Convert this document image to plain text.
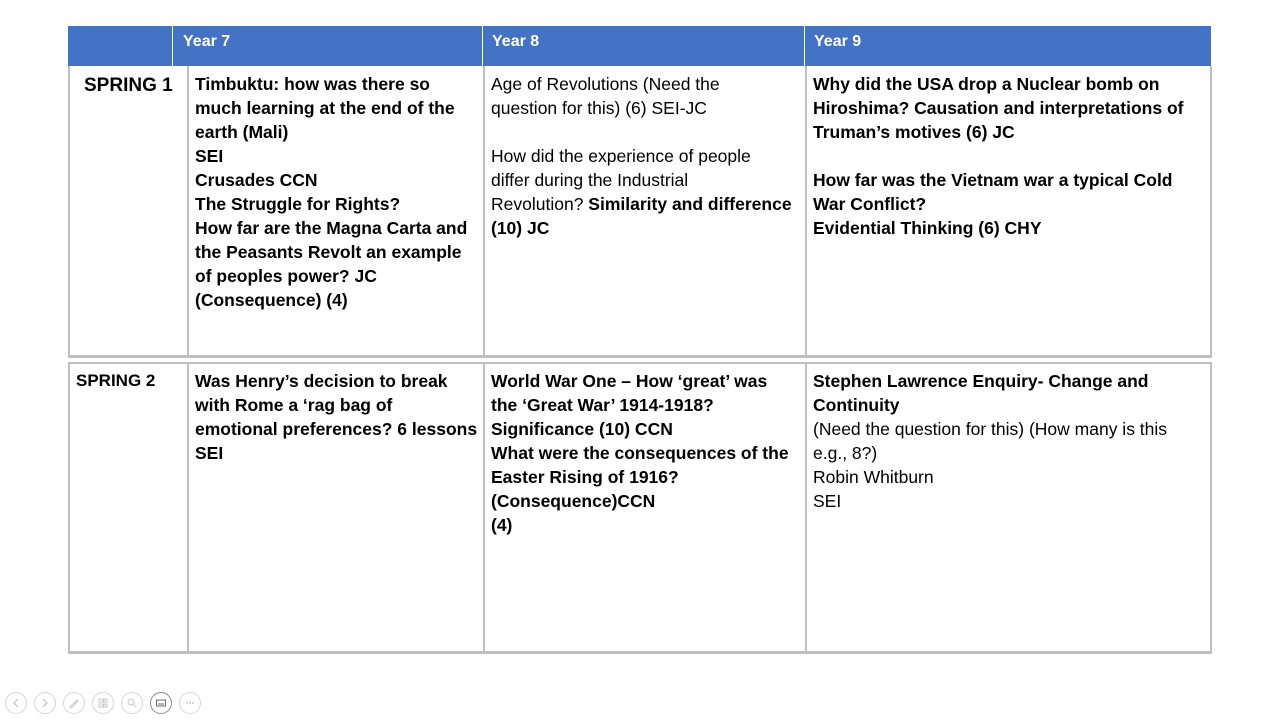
Year 7	Year 8	Year 9
SPRING 1 Timbuktu: how was there so
much learning at the end of the
earth (Mali)
SEI
Crusades CCN
The Struggle for Rights?
How far are the Magna Carta and
the Peasants Revolt an example
of peoples power? JC
(Consequence) (4)
Age of Revolutions (Need the
question for this) (6) SEI-JC
How did the experience of people
differ during the Industrial
Revolution? Similarity and difference
(10) JC
Why did the USA drop a Nuclear bomb on
Hiroshima? Causation and interpretations of
Truman’s motives (6) JC
How far was the Vietnam war a typical Cold
War Conflict?
Evidential Thinking (6) CHY
SPRING 2 Was Henry’s decision to break
with Rome a ‘rag bag of
emotional preferences? 6 lessons
SEI
World War One – How ‘great’ was
the ‘Great War’ 1914-1918?
Significance (10) CCN
What were the consequences of the
Easter Rising of 1916?
(Consequence)CCN
(4)
Stephen Lawrence Enquiry- Change and
Continuity
(Need the question for this) (How many is this
e.g., 8?)
Robin Whitburn
SEI
